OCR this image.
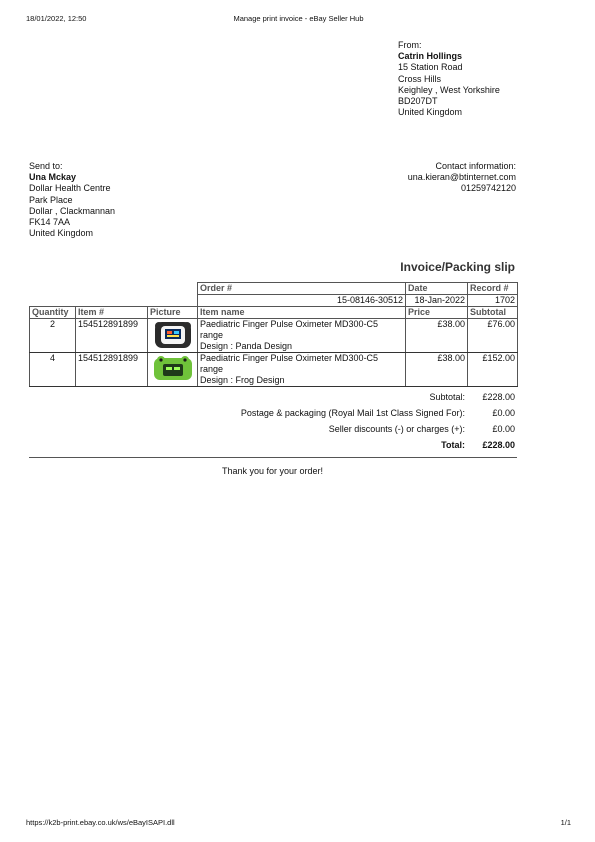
18/01/2022, 12:50	Manage print invoice - eBay Seller Hub
From:
Catrin Hollings
15 Station Road
Cross Hills
Keighley , West Yorkshire
BD207DT
United Kingdom
Send to:
Una Mckay
Dollar Health Centre
Park Place
Dollar , Clackmannan
FK14 7AA
United Kingdom
Contact information:
una.kieran@btinternet.com
01259742120
Invoice/Packing slip
			Order #	Date	Record #
			15-08146-30512	18-Jan-2022	1702
Quantity	Item #	Picture	Item name	Price	Subtotal
2	154512891899		Paediatric Finger Pulse Oximeter MD300-C5
range
Design : Panda Design	£38.00	£76.00
4	154512891899		Paediatric Finger Pulse Oximeter MD300-C5
range
Design : Frog Design	£38.00	£152.00
Subtotal: £228.00
Postage & packaging (Royal Mail 1st Class Signed For):	£0.00
Seller discounts (-) or charges (+):	£0.00
Total: £228.00
Thank you for your order!
https://k2b-print.ebay.co.uk/ws/eBayISAPI.dll	1/1
